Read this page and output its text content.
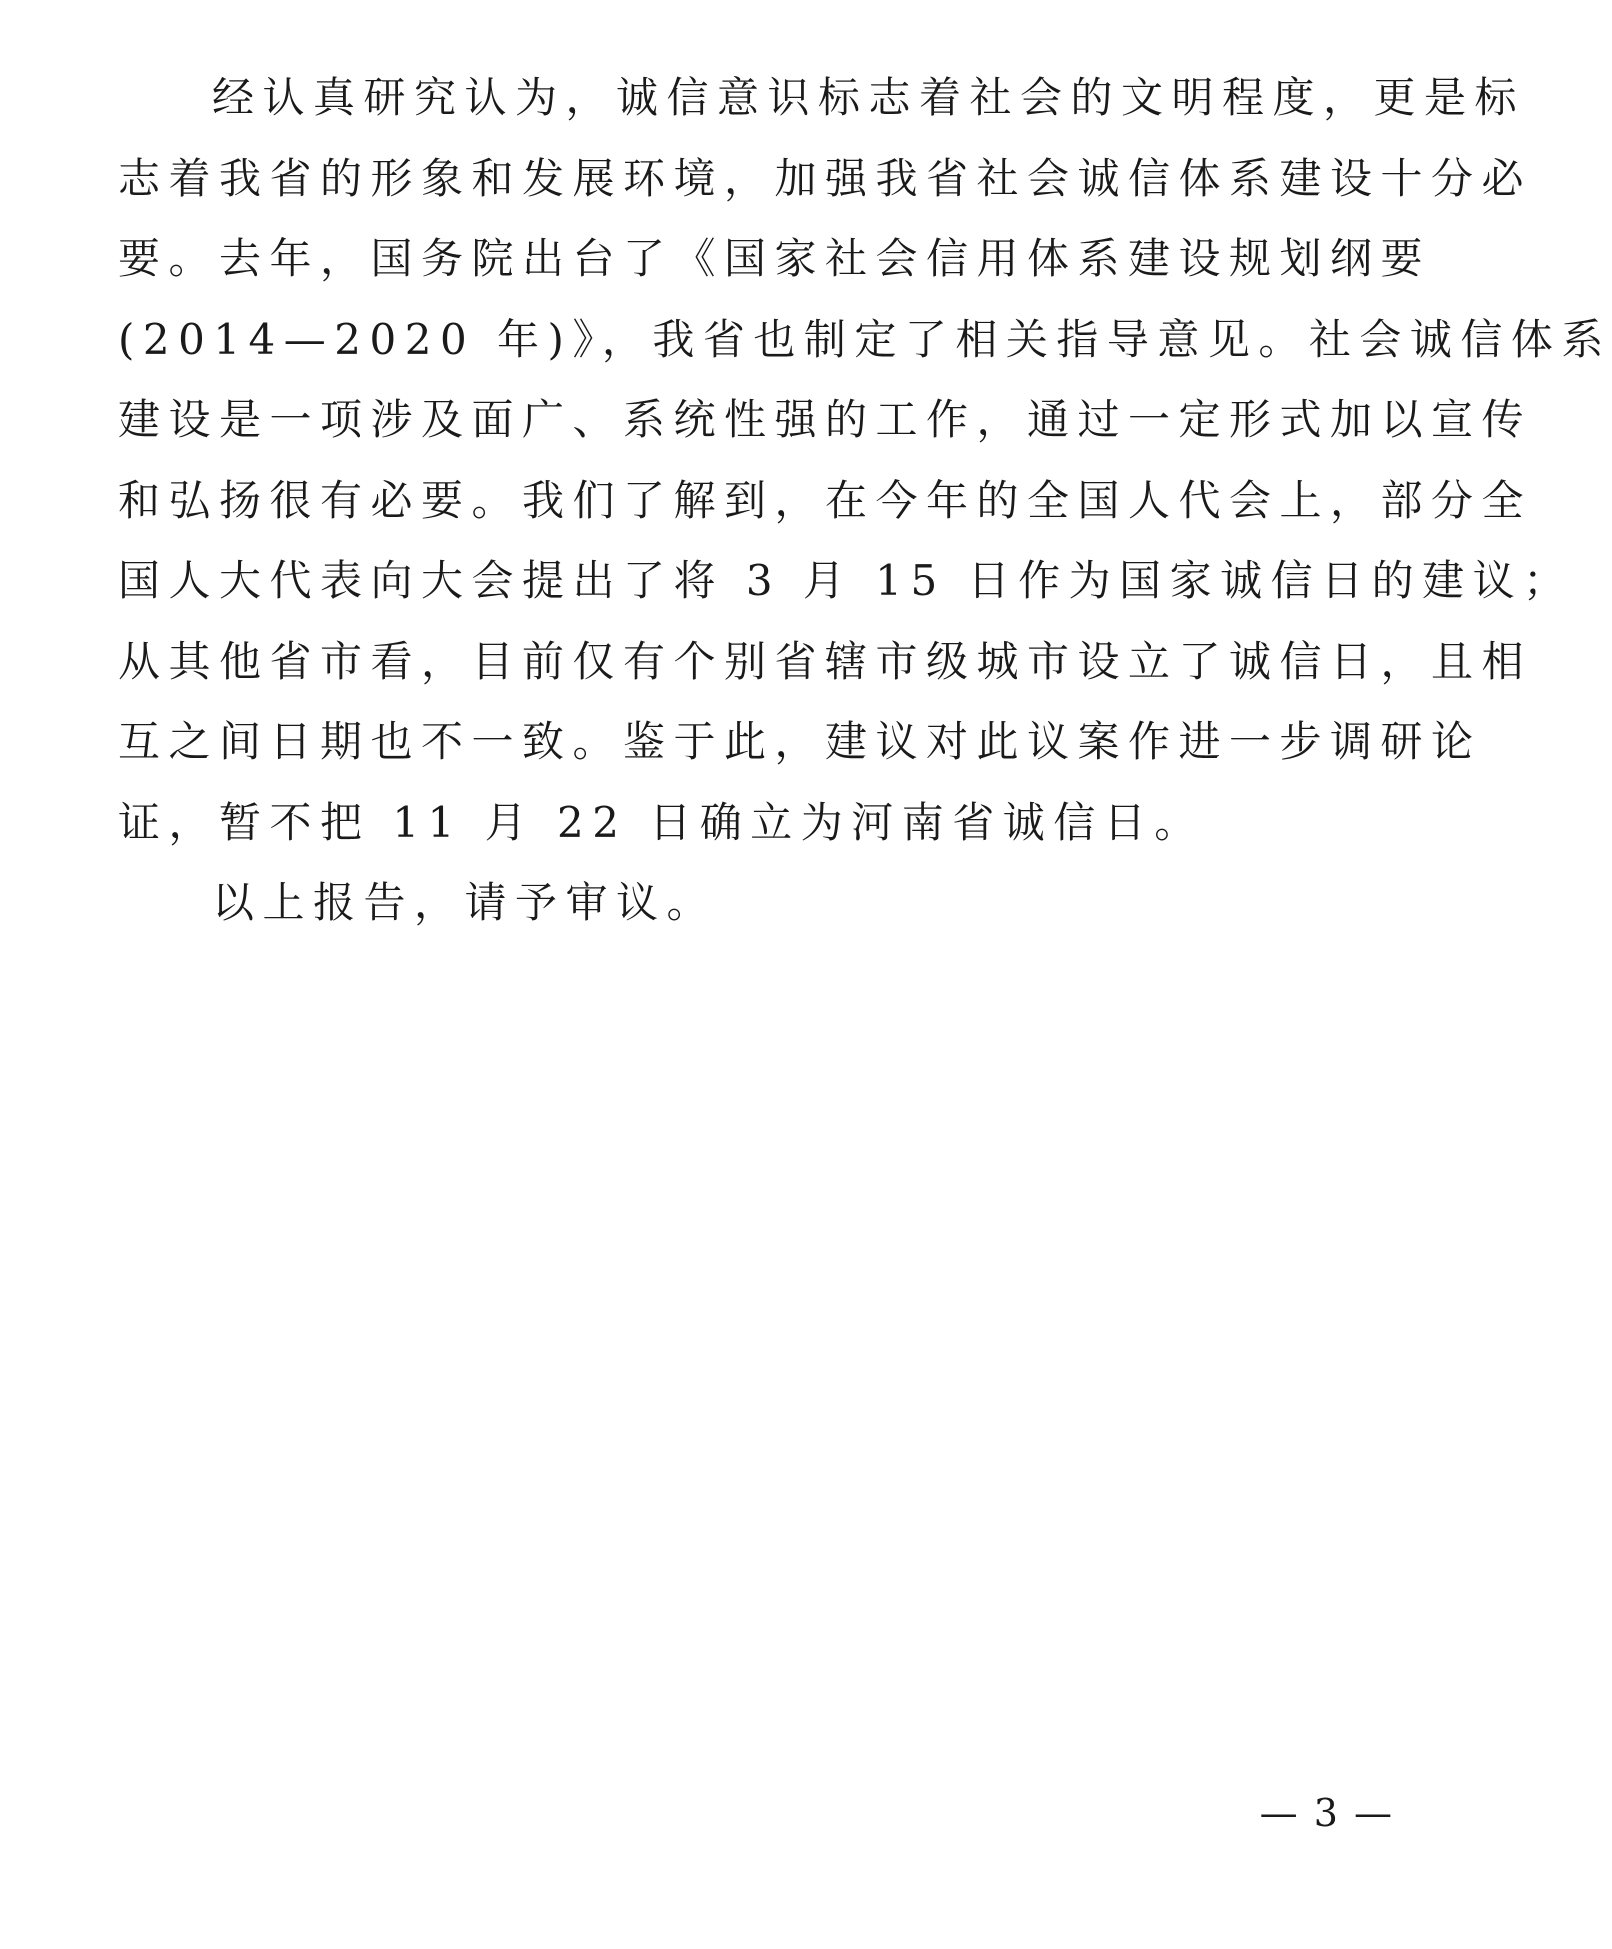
经认真研究认为，诚信意识标志着社会的文明程度，更是标
志着我省的形象和发展环境，加强我省社会诚信体系建设十分必
要。去年，国务院出台了《国家社会信用体系建设规划纲要
(2014—2020 年)》，我省也制定了相关指导意见。社会诚信体系
建设是一项涉及面广、系统性强的工作，通过一定形式加以宣传
和弘扬很有必要。我们了解到，在今年的全国人代会上，部分全
国人大代表向大会提出了将 3 月 15 日作为国家诚信日的建议；
从其他省市看，目前仅有个别省辖市级城市设立了诚信日，且相
互之间日期也不一致。鉴于此，建议对此议案作进一步调研论
证，暂不把 11 月 22 日确立为河南省诚信日。
以上报告，请予审议。
— 3 —
